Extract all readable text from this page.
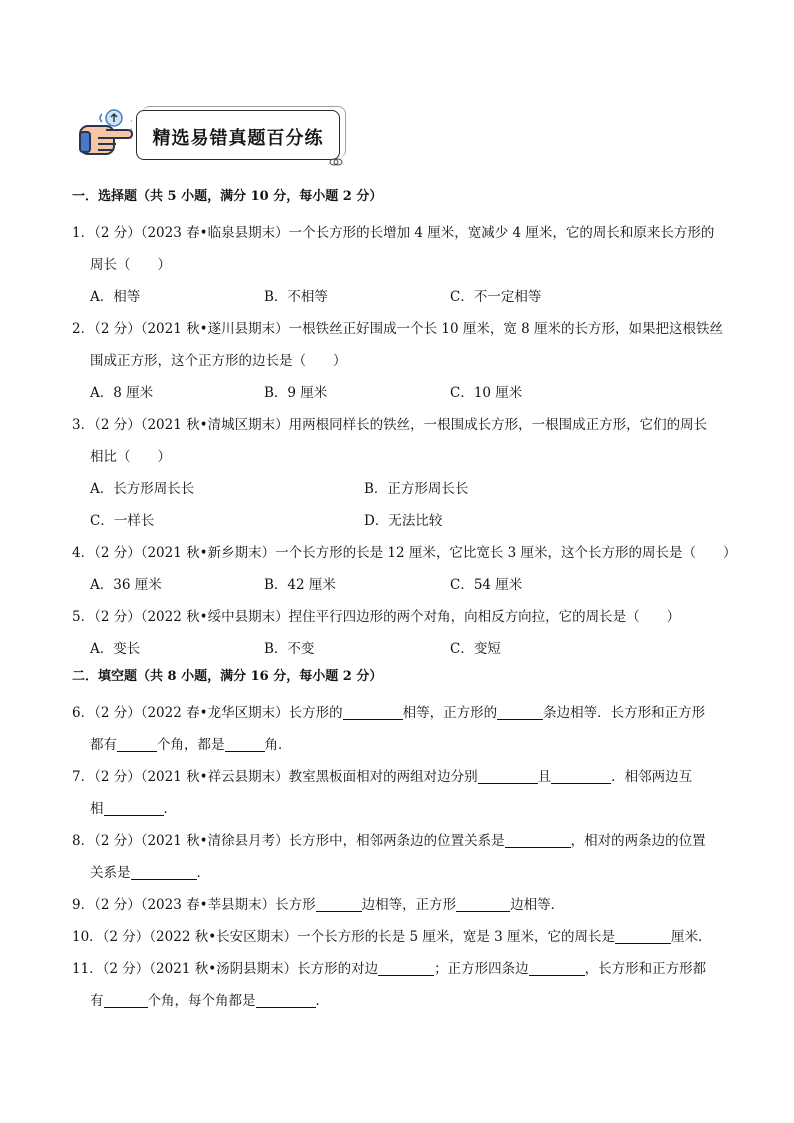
精选易错真题百分练
·
·
·
一．选择题（共 5 小题，满分 10 分，每小题 2 分）
1．（2 分）（2023 春•临泉县期末）一个长方形的长增加 4 厘米，宽减少 4 厘米，它的周长和原来长方形的
周长（　　）
A．相等	B．不相等	C．不一定相等
2．（2 分）（2021 秋•遂川县期末）一根铁丝正好围成一个长 10 厘米，宽 8 厘米的长方形，如果把这根铁丝
围成正方形，这个正方形的边长是（　　）
A．8 厘米	B．9 厘米	C．10 厘米
3．（2 分）（2021 秋•清城区期末）用两根同样长的铁丝，一根围成长方形，一根围成正方形，它们的周长
相比（　　）
A．长方形周长长	B．正方形周长长
C．一样长	D．无法比较
4．（2 分）（2021 秋•新乡期末）一个长方形的长是 12 厘米，它比宽长 3 厘米，这个长方形的周长是（　　）
A．36 厘米	B．42 厘米	C．54 厘米
5．（2 分）（2022 秋•绥中县期末）捏住平行四边形的两个对角，向相反方向拉，它的周长是（　　）
A．变长	B．不变	C．变短
二．填空题（共 8 小题，满分 16 分，每小题 2 分）
6．（2 分）（2022 春•龙华区期末）长方形的	相等，正方形的	条边相等．长方形和正方形
都有	个角，都是	角．
7．（2 分）（2021 秋•祥云县期末）教室黑板面相对的两组对边分别	且	．相邻两边互
相	．
8．（2 分）（2021 秋•清徐县月考）长方形中，相邻两条边的位置关系是	，相对的两条边的位置
关系是	．
9．（2 分）（2023 春•莘县期末）长方形	边相等，正方形	边相等．
10．（2 分）（2022 秋•长安区期末）一个长方形的长是 5 厘米，宽是 3 厘米，它的周长是	厘米．
11．（2 分）（2021 秋•汤阴县期末）长方形的对边	；正方形四条边	，长方形和正方形都
有	个角，每个角都是	．
